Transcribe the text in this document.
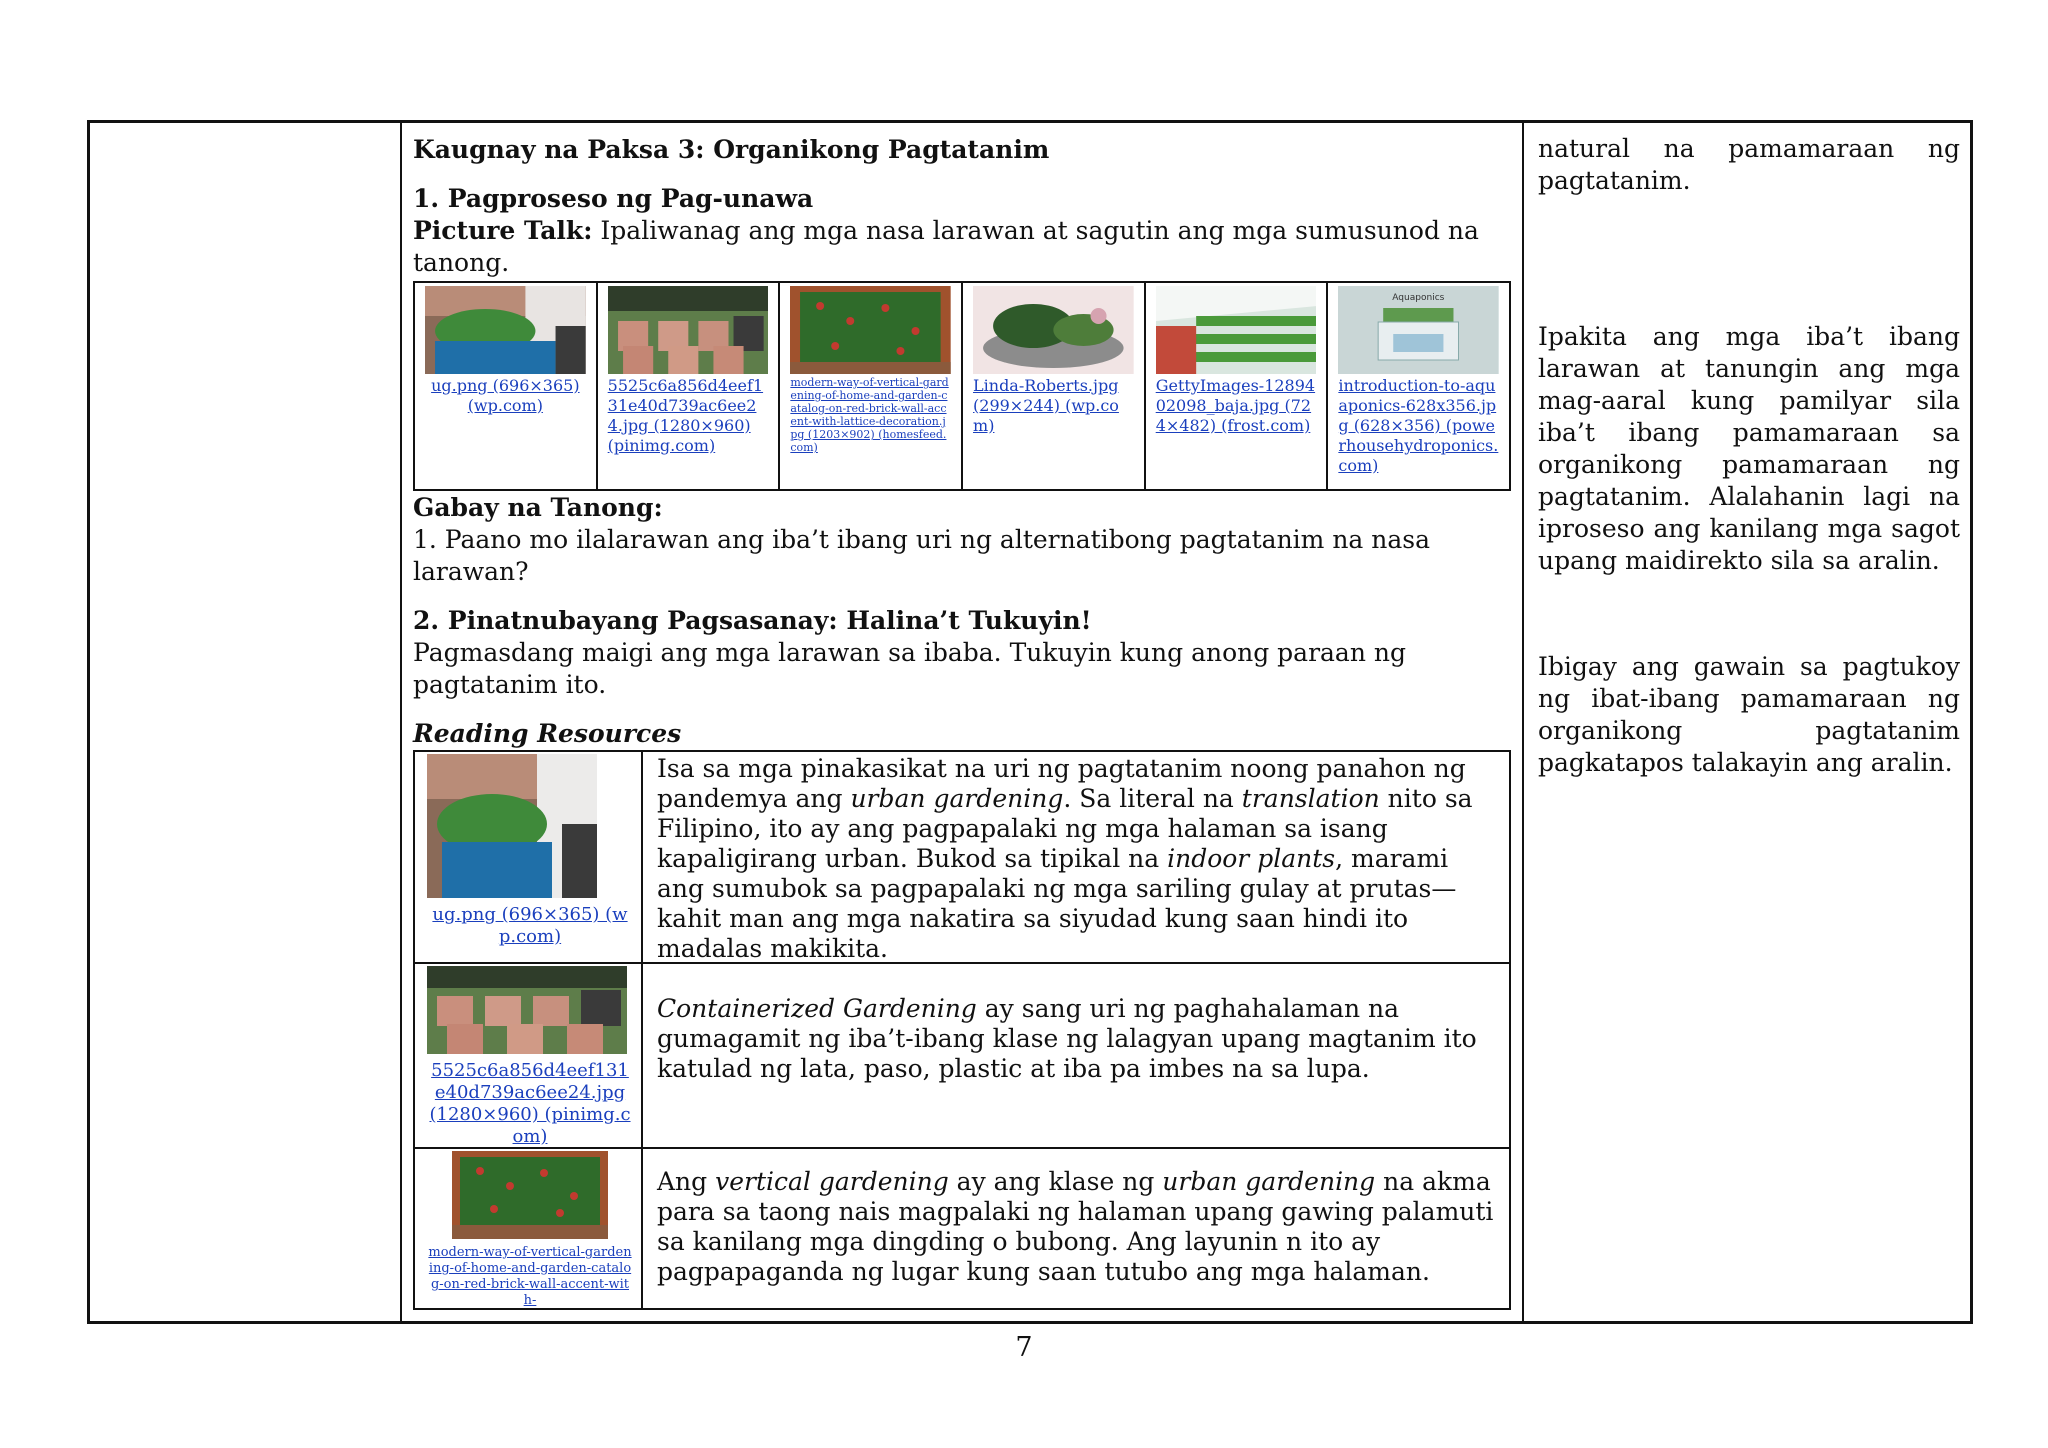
Kaugnay na Paksa 3: Organikong Pagtatanim
1. Pagproseso ng Pag-unawa
Picture Talk: Ipaliwanag ang mga nasa larawan at sagutin ang mga sumusunod na tanong.
ug.png (696×365) (wp.com)
5525c6a856d4eef131e40d739ac6ee24.jpg (1280×960) (pinimg.com)
modern-way-of-vertical-gardening-of-home-and-garden-catalog-on-red-brick-wall-accent-with-lattice-decoration.jpg (1203×902) (homesfeed.com)
Linda-Roberts.jpg (299×244) (wp.com)
GettyImages-1289402098_baja.jpg (724×482) (frost.com)
Aquaponics
introduction-to-aquaponics-628x356.jpg (628×356) (powerhousehydroponics.com)
Gabay na Tanong:
1. Paano mo ilalarawan ang iba’t ibang uri ng alternatibong pagtatanim na nasa larawan?
2. Pinatnubayang Pagsasanay: Halina’t Tukuyin!
Pagmasdang maigi ang mga larawan sa ibaba. Tukuyin kung anong paraan ng pagtatanim ito.
Reading Resources
ug.png (696×365) (wp.com)
Isa sa mga pinakasikat na uri ng pagtatanim noong panahon ng pandemya ang urban gardening. Sa literal na translation nito sa Filipino, ito ay ang pagpapalaki ng mga halaman sa isang kapaligirang urban. Bukod sa tipikal na indoor plants, marami ang sumubok sa pagpapalaki ng mga sariling gulay at prutas—kahit man ang mga nakatira sa siyudad kung saan hindi ito madalas makikita.
5525c6a856d4eef131e40d739ac6ee24.jpg (1280×960) (pinimg.com)
Containerized Gardening ay sang uri ng paghahalaman na gumagamit ng iba’t-ibang klase ng lalagyan upang magtanim ito katulad ng lata, paso, plastic at iba pa imbes na sa lupa.
modern-way-of-vertical-gardening-of-home-and-garden-catalog-on-red-brick-wall-accent-with-
Ang vertical gardening ay ang klase ng urban gardening na akma para sa taong nais magpalaki ng halaman upang gawing palamuti sa kanilang mga dingding o bubong. Ang layunin n ito ay pagpapaganda ng lugar kung saan tutubo ang mga halaman.
natural na pamamaraan ng pagtatanim.
Ipakita ang mga iba’t ibang larawan at tanungin ang mga mag-aaral kung pamilyar sila iba’t ibang pamamaraan sa organikong pamamaraan ng pagtatanim. Alalahanin lagi na iproseso ang kanilang mga sagot upang maidirekto sila sa aralin.
Ibigay ang gawain sa pagtukoy ng ibat-ibang pamamaraan ng organikong pagtatanim pagkatapos talakayin ang aralin.
7
